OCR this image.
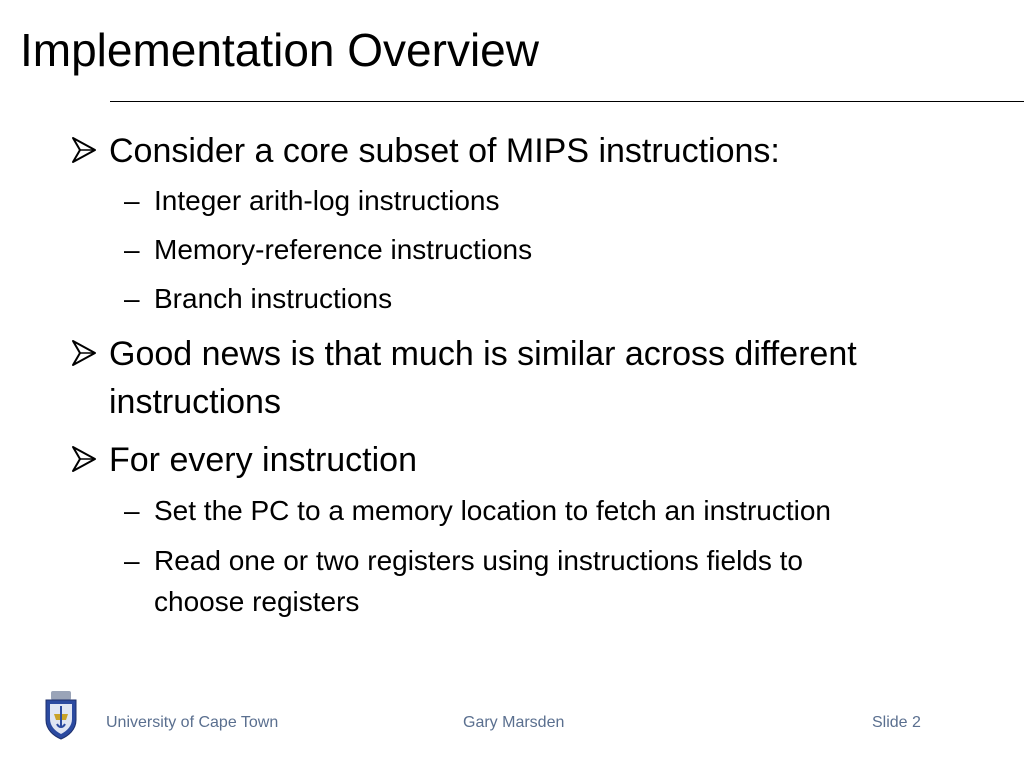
Implementation Overview
Consider a core subset of MIPS instructions:
– Integer arith-log instructions
– Memory-reference instructions
– Branch instructions
Good news is that much is similar across different
instructions
For every instruction
– Set the PC to a memory location to fetch an instruction
– Read one or two registers using instructions fields to
choose registers
University of Cape Town	Gary Marsden	Slide 2
